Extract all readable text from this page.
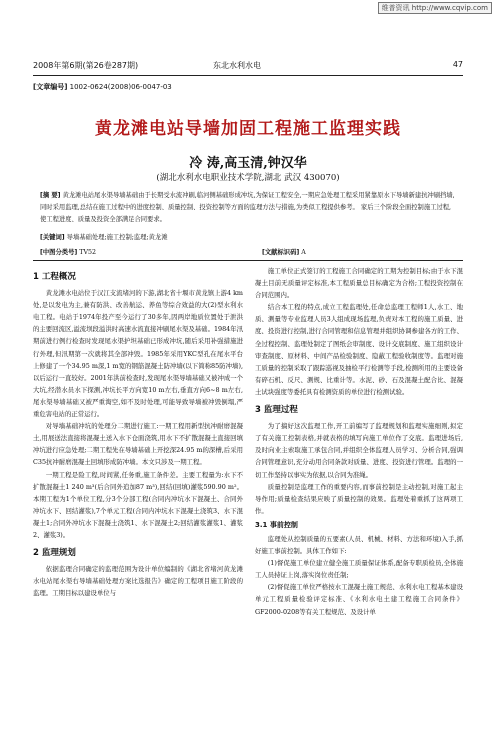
维普资讯 http://www.cqvip.com
2008年第6期(第26卷287期)	东北水利水电	47
[文章编号] 1002-0624(2008)06-0047-03
黄龙滩电站导墙加固工程施工监理实践
冷 涛,高玉清,钟汉华
(湖北水利水电职业技术学院,湖北 武汉 430070)
[摘 要] 黄龙滩电站尾水渠导墙基础由于长期受水流冲刷,临河侧基础形成冲坑,为保证工程安全,一期应急处理工程采用紧靠原水下导墙新建抗冲刷挡墙,同时采用监理,总结在施工过程中的进度控制、质量控制、投资控制等方面的监理方法与措施,为类似工程提供参考。 家后三个阶段全面控制施工过程,使工程进度、质量及投资全部满足合同要求。
[关键词] 导墙基础处理;施工控制;监理;黄龙滩
[中图分类号] TV52	[文献标识码] A
1 工程概况

黄龙滩水电站位于汉江支流堵河的下游,湖北省十堰市黄龙镇上游4 km处,是以发电为主,兼有防洪、改善航运、养鱼等综合效益的大(2)型水利水电工程。电站于1974年投产至今运行了30多年,因两岸地质位置处于泄洪的主要回流区,溢流坝段溢洪时高速水流直接冲刷尾水渠及基础。1984年汛期前进行例行检查时发现尾水渠护坦基础已形成冲坑,随后采用补强措施进行外理,但汛期第一次就将其全部冲毁。1985年采用YKC型孔在尾水平台上修建了一个34.95 m深,1 m宽的钢筋混凝土防冲墙(以下简称85防冲墙),以后运行一直较好。2001年洪前检查时,发现尾水渠导墙基础又被冲成一个大坑,经潜水员水下探测,冲坑长平方向宽10 m左右,垂直方向6~8 m左右,尾水渠导墙基础又被严重淘空,如不及时处理,可能导致导墙被冲毁倒塌,严重危害电站的正常运行。

对导墙基础冲坑的处理分二期进行施工:一期工程用新型抗冲耐磨混凝土,用展送法直接将混凝土送入水下仓面浇筑,用水下不扩散混凝土直接回填冲坑进行应急处理;二期工程先在导墙基础上开挖深24.95 m的深槽,后采用C35抗冲耐磨混凝土回填形成防冲墙。本文只涉及一期工程。

一期工程是险工程,时间紧,任务重,施工条件差。主要工程量为:水下不扩散混凝土1 240 m³(后合同外追加87 m³),回结(回填)灌浆590.90 m²。本期工程为1个单位工程,分3个分部工程(合同内冲坑水下混凝土、合同外冲坑水下、回结灌浆),7个单元工程(合同内冲坑水下混凝土浇筑3、水下混凝土1;合同外冲坑水下混凝土浇筑1、水下混凝土2;回结灌浆灌浆1、灌浆2、灌浆3)。

2 监理规划

依据监理合同确定的监理范围为设计单位编制的《湖北省堵河黄龙滩水电站尾水渠右导墙基础处理方案比选报告》确定的工程项目施工阶段的监理。工期目标以建设单位与

施工单位正式签订的工程施工合同确定的工期为控制目标;由于水下混凝土目前无质量评定标准,本工程质量总目标确定为合格;工程投资控制在合同范围内。

结合本工程的特点,成立工程监理处,任命总监理工程师1人,水工、地质、测量等专业监理人员3人组成现场监理,负责对本工程的施工质量、进度、投资进行控制,进行合同管理和信息管理并组织协调参建各方的工作、全过程控制、监理处制定了图纸会审制度、设计交底制度、施工组织设计审查制度、原材料、中间产品检验制度、隐蔽工程验收制度等。监理对施工质量的控制采取了跟踪巡视及抽检平行检测等手段,检测所用的主要设备有碎石机、反尺、测规、比重计等。水泥、砂、石及混凝土配合比、混凝土试块强度等委托具有检测资质的单位进行检测试验。

3 监理过程

为了搞好这次监理工作,开工前编写了监理规划和监理实施细则,拟定了有关施工控制表格,并就表格的填写向施工单位作了交底。监理进场后,及时向业主索取施工承包合同,并组织全体监理人员学习、分析合同,强调合同管理意识,充分动用合同条款对质量、进度、投资进行管理。监理的一切工作坚持以事实为依据,以合同为准绳。

质量控制是监理工作的重要内容,而事前控制是主动控制,对施工起主导作用;质量检查结果应映了质量控制的效果。监理处着重抓了这两项工作。

3.1 事前控制

监理处从控制质量的五要素(人员、机械、材料、方法和环境)入手,抓好施工事前控制。具体工作如下:

(1)督促施工单位建立健全施工质量保证体系,配备专职质检员,全体施工人员持证上岗,落实岗位责任制;

(2)督促施工单位严格按水工混凝土施工规范、水利水电工程基本建设单元工程质量检验评定标准、《水利水电土建工程施工合同条件》GF2000-0208等有关工程规范、及设计单
